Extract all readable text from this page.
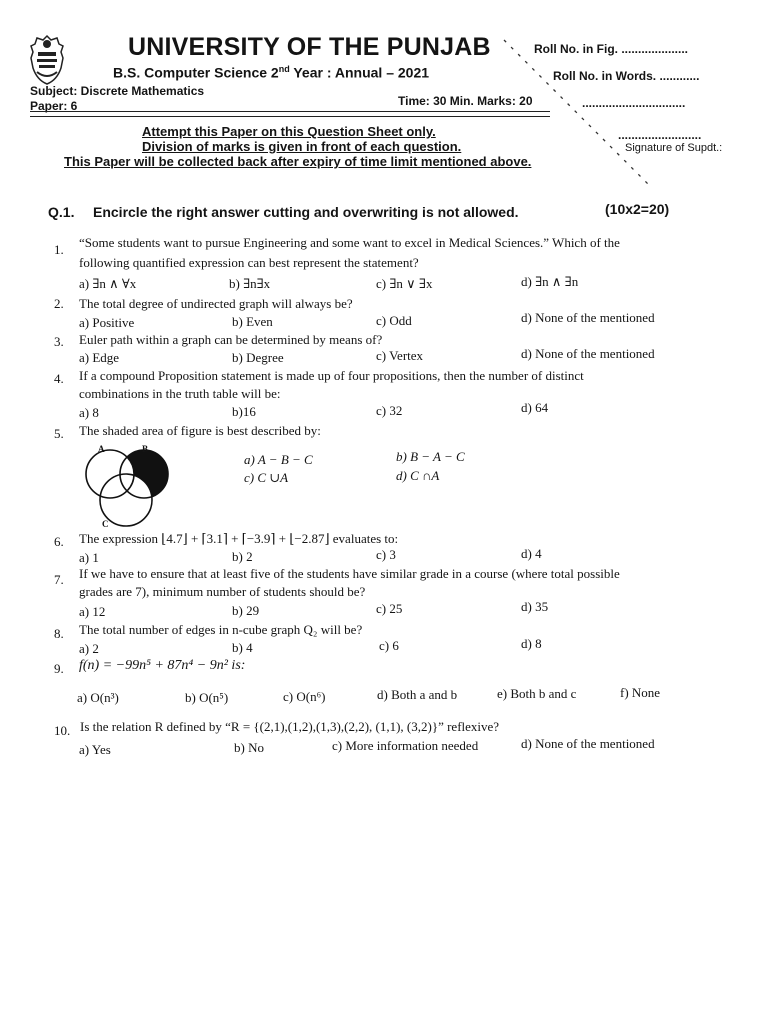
UNIVERSITY OF THE PUNJAB
B.S. Computer Science 2nd Year : Annual – 2021
Subject: Discrete Mathematics
Paper: 6	Time: 30 Min. Marks: 20
Roll No. in Fig. ....................
Roll No. in Words. ............
...............................
.........................
Signature of Supdt.:
Attempt this Paper on this Question Sheet only.
Division of marks is given in front of each question.
This Paper will be collected back after expiry of time limit mentioned above.
Q.1. Encircle the right answer cutting and overwriting is not allowed.	(10x2=20)
1. “Some students want to pursue Engineering and some want to excel in Medical Sciences.” Which of the
following quantified expression can best represent the statement?
a) ∃n ∧ ∀x	b) ∃n∃x	c) ∃n ∨ ∃x	d) ∃n ∧ ∃n
2. The total degree of undirected graph will always be?
a) Positive	b) Even	c) Odd	d) None of the mentioned
3. Euler path within a graph can be determined by means of?
a) Edge	b) Degree	c) Vertex	d) None of the mentioned
4. If a compound Proposition statement is made up of four propositions, then the number of distinct
combinations in the truth table will be:
a) 8	b)16	c) 32	d) 64
5. The shaded area of figure is best described by:
A	B
C
a) A − B − C	b) B − A − C
c) C ∪A	d) C ∩A
6. The expression ⌊4.7⌋ + ⌈3.1⌉ + ⌈−3.9⌉ + ⌊−2.87⌋ evaluates to:
a) 1	b) 2	c) 3	d) 4
7. If we have to ensure that at least five of the students have similar grade in a course (where total possible
grades are 7), minimum number of students should be?
a) 12	b) 29	c) 25	d) 35
8. The total number of edges in n-cube graph Q₂ will be?
a) 2	b) 4	c) 6	d) 8
9. f(n) = −99n⁵ + 87n⁴ − 9n² is:
a) O(n³)	b) O(n⁵)	c) O(n⁶)	d) Both a and b	e) Both b and c	f) None
10. Is the relation R defined by “R = {(2,1),(1,2),(1,3),(2,2), (1,1), (3,2)}” reflexive?
a) Yes	b) No	c) More information needed	d) None of the mentioned
